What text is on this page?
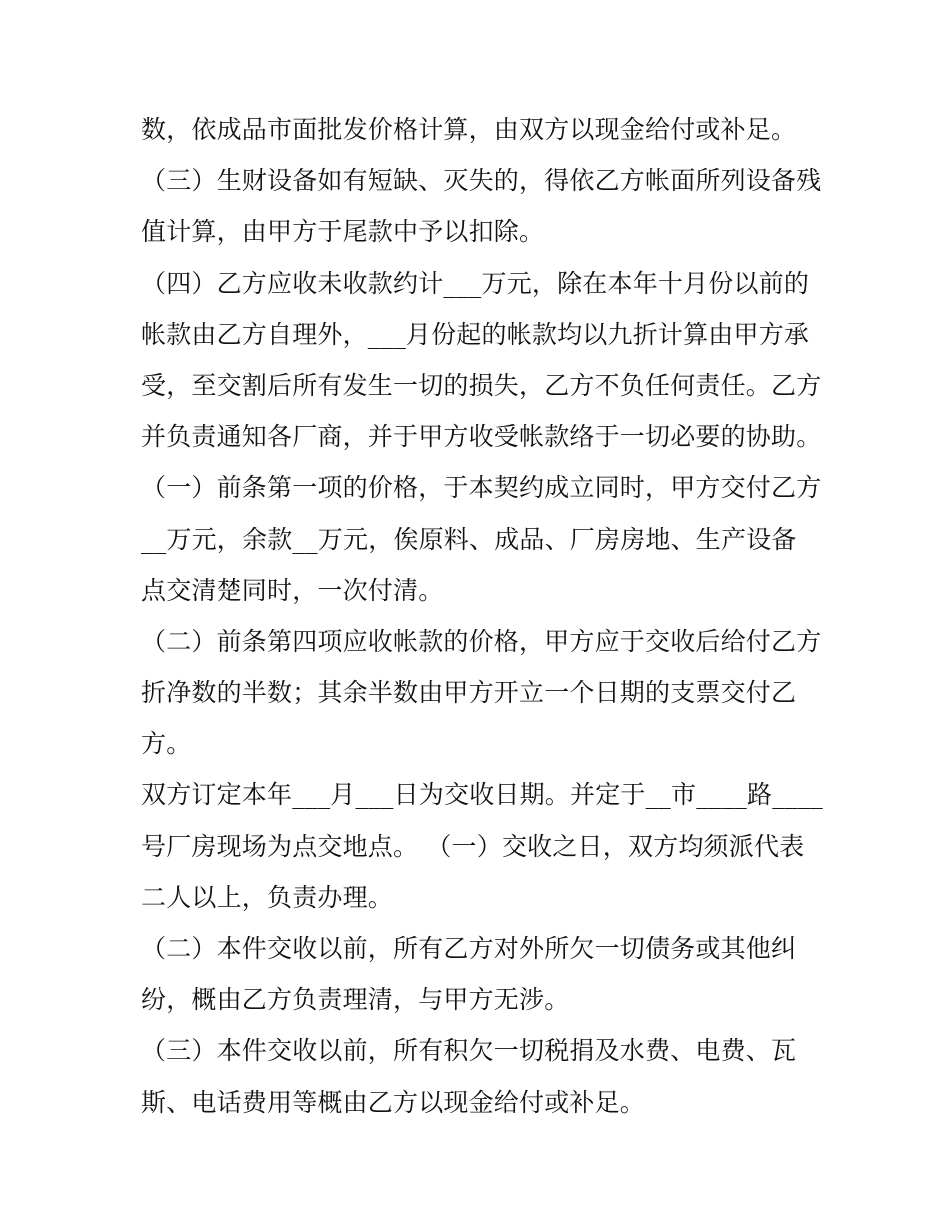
数，依成品市面批发价格计算，由双方以现金给付或补足。
（三）生财设备如有短缺、灭失的，得依乙方帐面所列设备残
值计算，由甲方于尾款中予以扣除。
（四）乙方应收未收款约计___万元，除在本年十月份以前的
帐款由乙方自理外，___月份起的帐款均以九折计算由甲方承
受，至交割后所有发生一切的损失，乙方不负任何责任。乙方
并负责通知各厂商，并于甲方收受帐款络于一切必要的协助。
（一）前条第一项的价格，于本契约成立同时，甲方交付乙方
__万元，余款__万元，俟原料、成品、厂房房地、生产设备
点交清楚同时，一次付清。
（二）前条第四项应收帐款的价格，甲方应于交收后给付乙方
折净数的半数；其余半数由甲方开立一个日期的支票交付乙
方。
双方订定本年___月___日为交收日期。并定于__市____路____
号厂房现场为点交地点。 （一）交收之日，双方均须派代表
二人以上，负责办理。
（二）本件交收以前，所有乙方对外所欠一切债务或其他纠
纷，概由乙方负责理清，与甲方无涉。
（三）本件交收以前，所有积欠一切税捐及水费、电费、瓦
斯、电话费用等概由乙方以现金给付或补足。
